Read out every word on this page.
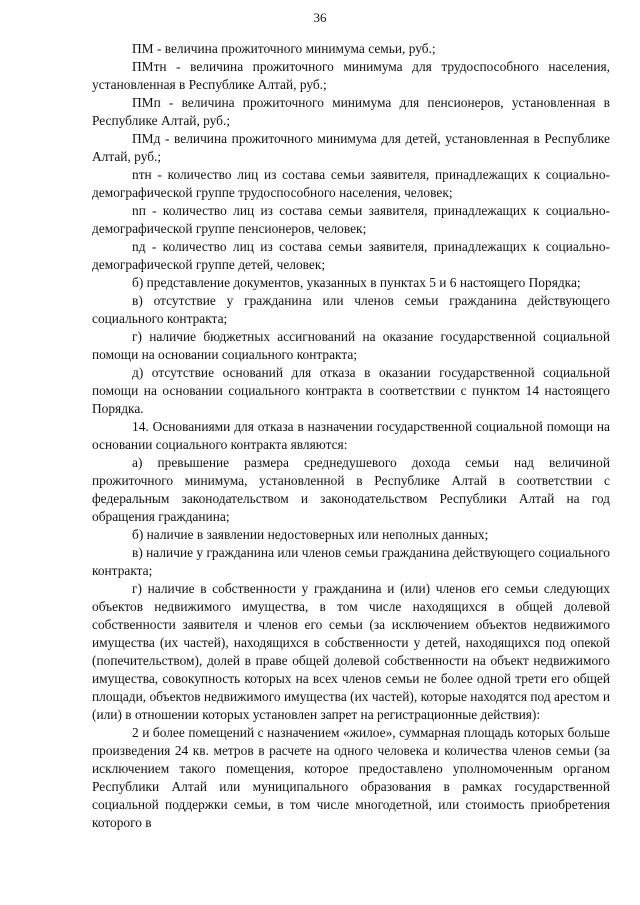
36

ПМ - величина прожиточного минимума семьи, руб.;

ПМтн - величина прожиточного минимума для трудоспособного населения, установленная в Республике Алтай, руб.;

ПМп - величина прожиточного минимума для пенсионеров, установленная в Республике Алтай, руб.;

ПМд - величина прожиточного минимума для детей, установленная в Республике Алтай, руб.;

nтн - количество лиц из состава семьи заявителя, принадлежащих к социально-демографической группе трудоспособного населения, человек;

nп - количество лиц из состава семьи заявителя, принадлежащих к социально-демографической группе пенсионеров, человек;

nд - количество лиц из состава семьи заявителя, принадлежащих к социально-демографической группе детей, человек;

б) представление документов, указанных в пунктах 5 и 6 настоящего Порядка;

в) отсутствие у гражданина или членов семьи гражданина действующего социального контракта;

г) наличие бюджетных ассигнований на оказание государственной социальной помощи на основании социального контракта;

д) отсутствие оснований для отказа в оказании государственной социальной помощи на основании социального контракта в соответствии с пунктом 14 настоящего Порядка.

14. Основаниями для отказа в назначении государственной социальной помощи на основании социального контракта являются:

а) превышение размера среднедушевого дохода семьи над величиной прожиточного минимума, установленной в Республике Алтай в соответствии с федеральным законодательством и законодательством Республики Алтай на год обращения гражданина;

б) наличие в заявлении недостоверных или неполных данных;

в) наличие у гражданина или членов семьи гражданина действующего социального контракта;

г) наличие в собственности у гражданина и (или) членов его семьи следующих объектов недвижимого имущества, в том числе находящихся в общей долевой собственности заявителя и членов его семьи (за исключением объектов недвижимого имущества (их частей), находящихся в собственности у детей, находящихся под опекой (попечительством), долей в праве общей долевой собственности на объект недвижимого имущества, совокупность которых на всех членов семьи не более одной трети его общей площади, объектов недвижимого имущества (их частей), которые находятся под арестом и (или) в отношении которых установлен запрет на регистрационные действия):

2 и более помещений с назначением «жилое», суммарная площадь которых больше произведения 24 кв. метров в расчете на одного человека и количества членов семьи (за исключением такого помещения, которое предоставлено уполномоченным органом Республики Алтай или муниципального образования в рамках государственной социальной поддержки семьи, в том числе многодетной, или стоимость приобретения которого в
